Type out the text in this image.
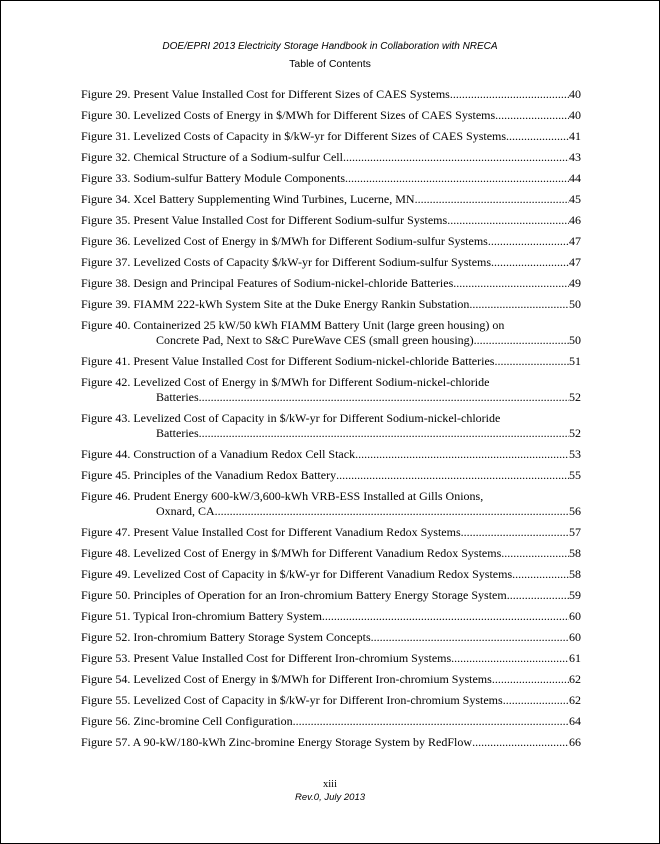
DOE/EPRI 2013 Electricity Storage Handbook in Collaboration with NRECA
Table of Contents
Figure 29. Present Value Installed Cost for Different Sizes of CAES Systems .....	40
Figure 30. Levelized Costs of Energy in $/MWh for Different Sizes of CAES Systems .....	40
Figure 31. Levelized Costs of Capacity in $/kW-yr for Different Sizes of CAES Systems .....	41
Figure 32. Chemical Structure of a Sodium-sulfur Cell .....	43
Figure 33. Sodium-sulfur Battery Module Components .....	44
Figure 34. Xcel Battery Supplementing Wind Turbines, Lucerne, MN .....	45
Figure 35. Present Value Installed Cost for Different Sodium-sulfur Systems .....	46
Figure 36. Levelized Cost of Energy in $/MWh for Different Sodium-sulfur Systems .....	47
Figure 37. Levelized Costs of Capacity $/kW-yr for Different Sodium-sulfur Systems .....	47
Figure 38. Design and Principal Features of Sodium-nickel-chloride Batteries .....	49
Figure 39. FIAMM 222-kWh System Site at the Duke Energy Rankin Substation .....	50
Figure 40. Containerized 25 kW/50 kWh FIAMM Battery Unit (large green housing) on
Concrete Pad, Next to S&C PureWave CES (small green housing) .....	50
Figure 41. Present Value Installed Cost for Different Sodium-nickel-chloride Batteries .....	51
Figure 42. Levelized Cost of Energy in $/MWh for Different Sodium-nickel-chloride
Batteries .....	52
Figure 43. Levelized Cost of Capacity in $/kW-yr for Different Sodium-nickel-chloride
Batteries .....	52
Figure 44. Construction of a Vanadium Redox Cell Stack .....	53
Figure 45. Principles of the Vanadium Redox Battery .....	55
Figure 46. Prudent Energy 600-kW/3,600-kWh VRB-ESS Installed at Gills Onions,
Oxnard, CA .....	56
Figure 47. Present Value Installed Cost for Different Vanadium Redox Systems .....	57
Figure 48. Levelized Cost of Energy in $/MWh for Different Vanadium Redox Systems .....	58
Figure 49. Levelized Cost of Capacity in $/kW-yr for Different Vanadium Redox Systems .....	58
Figure 50. Principles of Operation for an Iron-chromium Battery Energy Storage System .....	59
Figure 51. Typical Iron-chromium Battery System .....	60
Figure 52. Iron-chromium Battery Storage System Concepts .....	60
Figure 53. Present Value Installed Cost for Different Iron-chromium Systems .....	61
Figure 54. Levelized Cost of Energy in $/MWh for Different Iron-chromium Systems .....	62
Figure 55. Levelized Cost of Capacity in $/kW-yr for Different Iron-chromium Systems .....	62
Figure 56. Zinc-bromine Cell Configuration .....	64
Figure 57. A 90-kW/180-kWh Zinc-bromine Energy Storage System by RedFlow .....	66
xiii
Rev.0, July 2013
